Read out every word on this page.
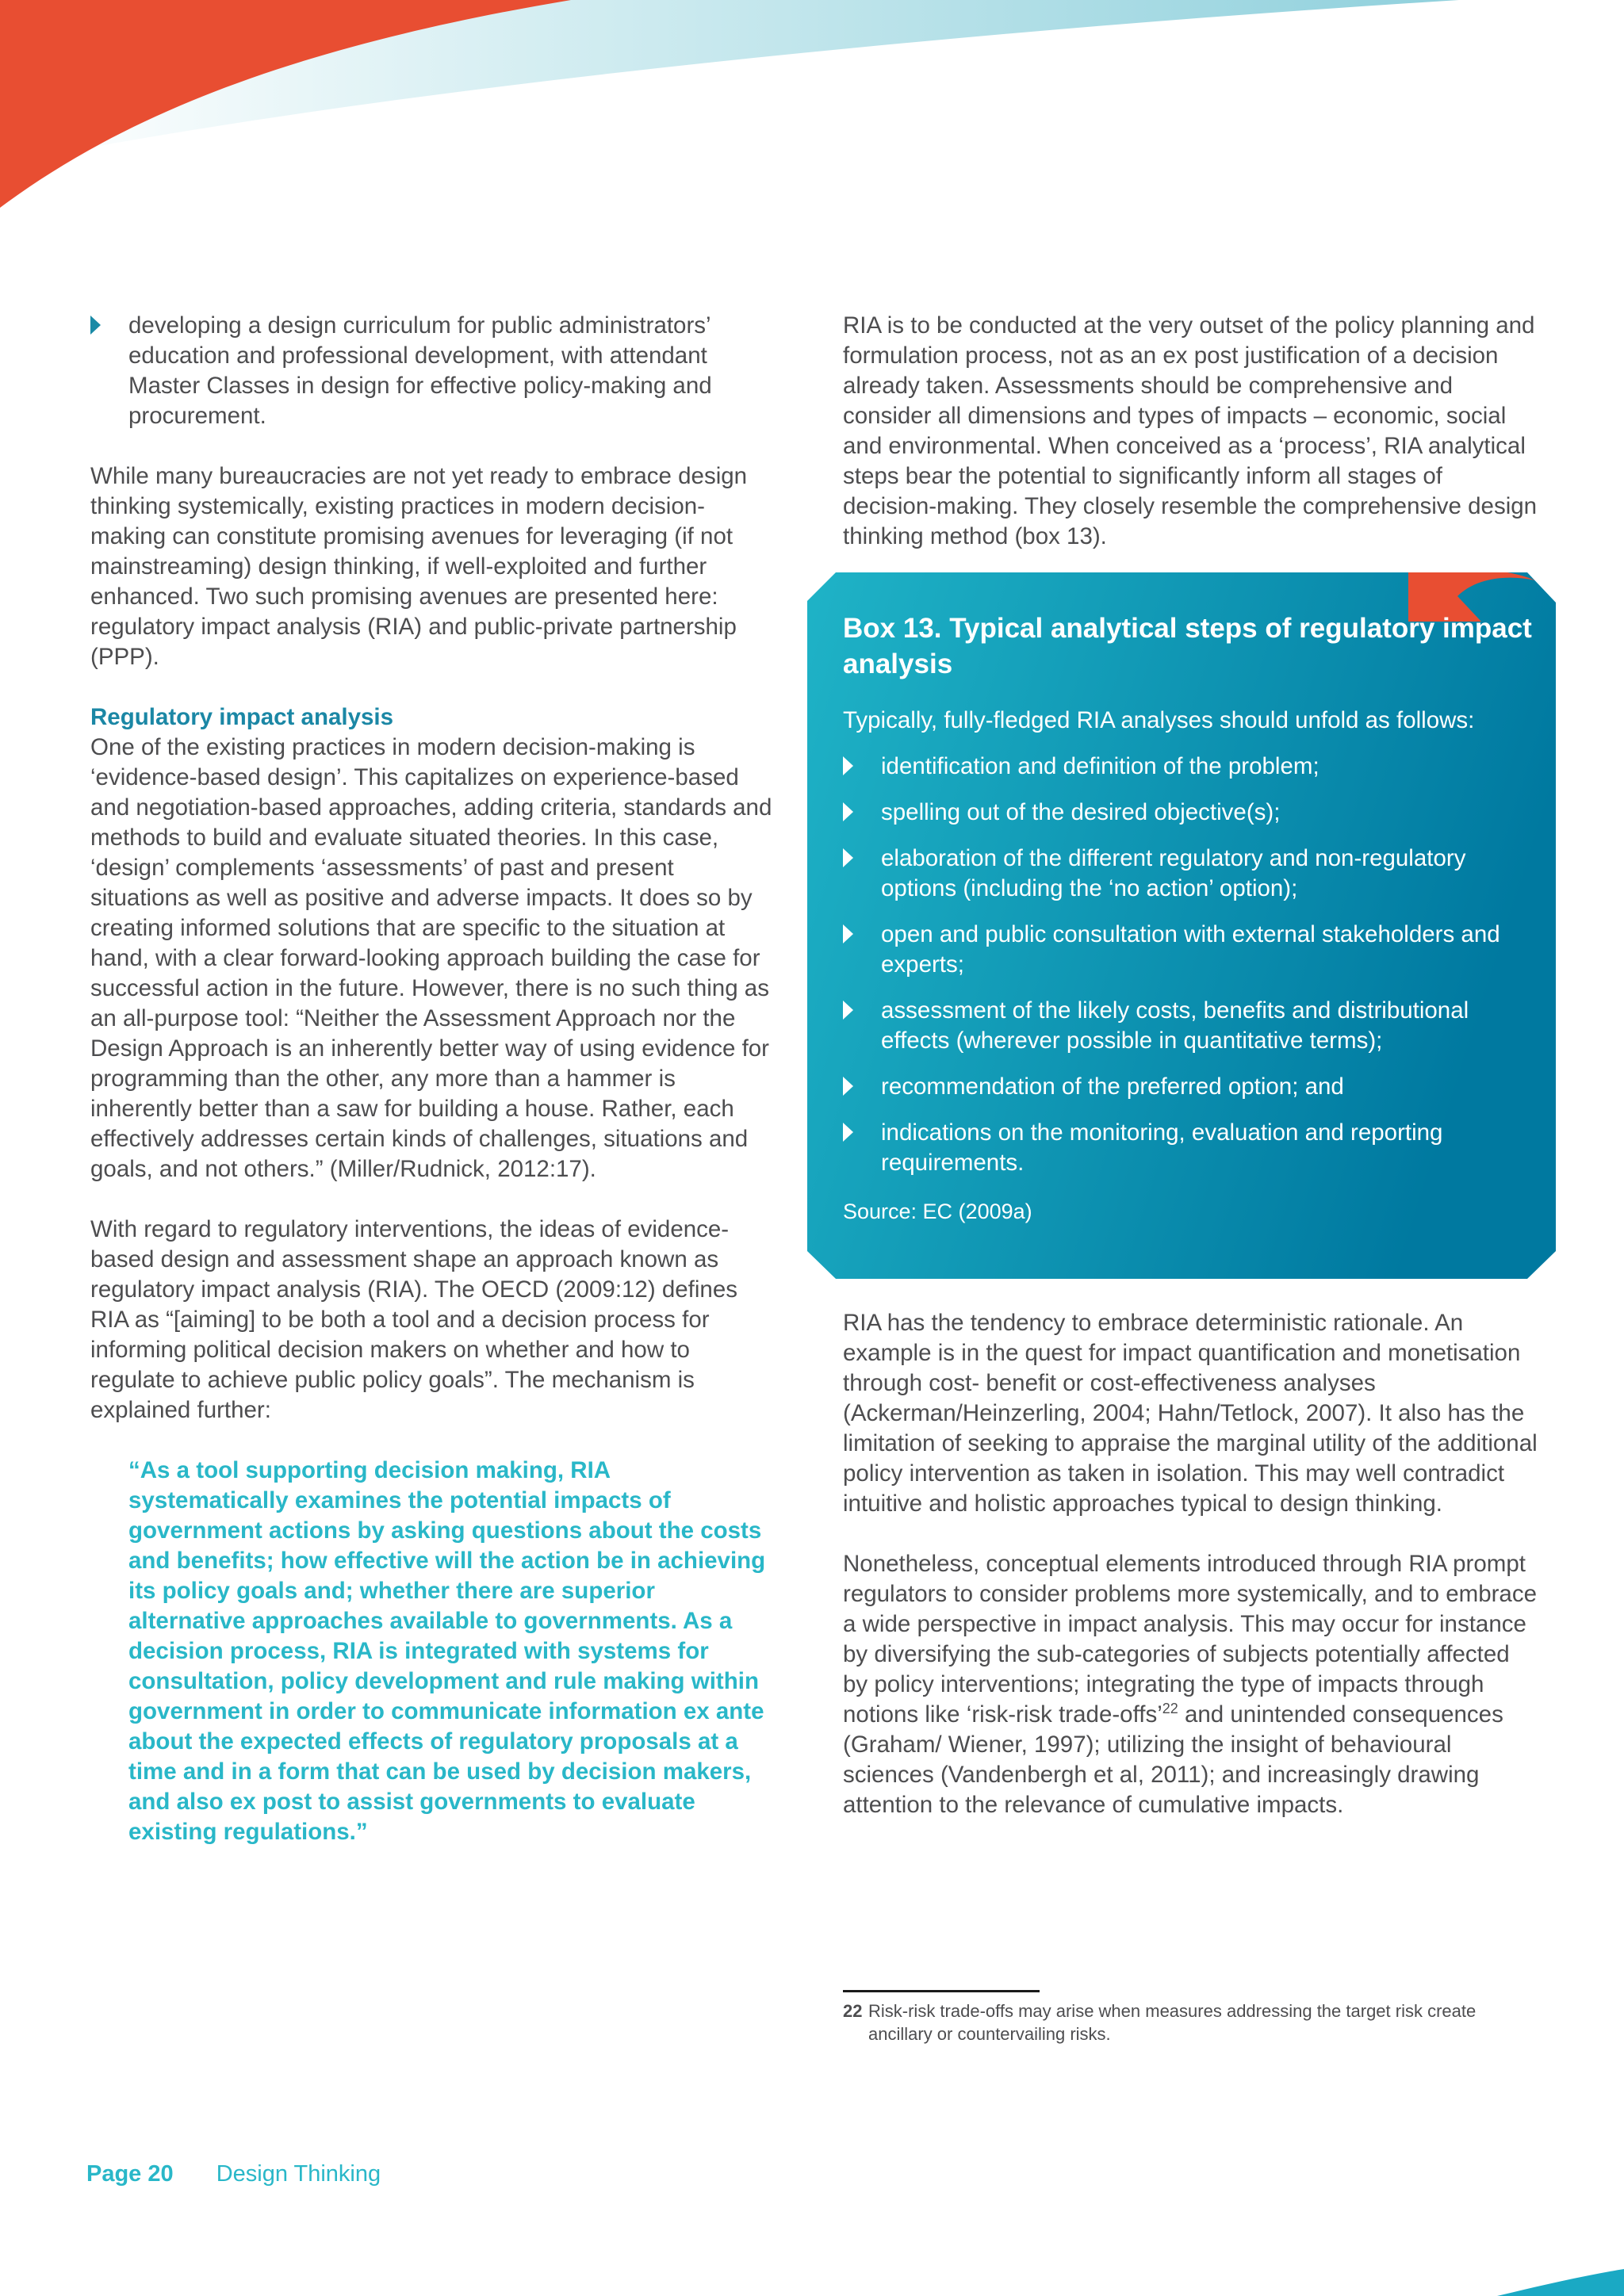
developing a design curriculum for public administrators’ education and professional development, with attendant Master Classes in design for effective policy-making and procurement.

While many bureaucracies are not yet ready to embrace design thinking systemically, existing practices in modern decision-making can constitute promising avenues for leveraging (if not mainstreaming) design thinking, if well-exploited and further enhanced. Two such promising avenues are presented here: regulatory impact analysis (RIA) and public-private partnership (PPP).

Regulatory impact analysis

One of the existing practices in modern decision-making is ‘evidence-based design’. This capitalizes on experience-based and negotiation-based approaches, adding criteria, standards and methods to build and evaluate situated theories. In this case, ‘design’ complements ‘assessments’ of past and present situations as well as positive and adverse impacts. It does so by creating informed solutions that are specific to the situation at hand, with a clear forward-looking approach building the case for successful action in the future. However, there is no such thing as an all-purpose tool: “Neither the Assessment Approach nor the Design Approach is an inherently better way of using evidence for programming than the other, any more than a hammer is inherently better than a saw for building a house. Rather, each effectively addresses certain kinds of challenges, situations and goals, and not others.” (Miller/Rudnick, 2012:17).

With regard to regulatory interventions, the ideas of evidence-based design and assessment shape an approach known as regulatory impact analysis (RIA). The OECD (2009:12) defines RIA as “[aiming] to be both a tool and a decision process for informing political decision makers on whether and how to regulate to achieve public policy goals”. The mechanism is explained further:

“As a tool supporting decision making, RIA systematically examines the potential impacts of government actions by asking questions about the costs and benefits; how effective will the action be in achieving its policy goals and; whether there are superior alternative approaches available to governments. As a decision process, RIA is integrated with systems for consultation, policy development and rule making within government in order to communicate information ex ante about the expected effects of regulatory proposals at a time and in a form that can be used by decision makers, and also ex post to assist governments to evaluate existing regulations.”

RIA is to be conducted at the very outset of the policy planning and formulation process, not as an ex post justification of a decision already taken. Assessments should be comprehensive and consider all dimensions and types of impacts – economic, social and environmental. When conceived as a ‘process’, RIA analytical steps bear the potential to significantly inform all stages of decision-making. They closely resemble the comprehensive design thinking method (box 13).

Box 13. Typical analytical steps of regulatory impact analysis

Typically, fully-fledged RIA analyses should unfold as follows:

identification and definition of the problem;
spelling out of the desired objective(s);
elaboration of the different regulatory and non-regulatory options (including the ‘no action’ option);
open and public consultation with external stakeholders and experts;
assessment of the likely costs, benefits and distributional effects (wherever possible in quantitative terms);
recommendation of the preferred option; and
indications on the monitoring, evaluation and reporting requirements.

Source: EC (2009a)

RIA has the tendency to embrace deterministic rationale. An example is in the quest for impact quantification and monetisation through cost- benefit or cost-effectiveness analyses (Ackerman/Heinzerling, 2004; Hahn/Tetlock, 2007). It also has the limitation of seeking to appraise the marginal utility of the additional policy intervention as taken in isolation. This may well contradict intuitive and holistic approaches typical to design thinking.

Nonetheless, conceptual elements introduced through RIA prompt regulators to consider problems more systemically, and to embrace a wide perspective in impact analysis. This may occur for instance by diversifying the sub-categories of subjects potentially affected by policy interventions; integrating the type of impacts through notions like ‘risk-risk trade-offs’$^{22}$ and unintended consequences (Graham/ Wiener, 1997); utilizing the insight of behavioural sciences (Vandenbergh et al, 2011); and increasingly drawing attention to the relevance of cumulative impacts.

22 Risk-risk trade-offs may arise when measures addressing the target risk create ancillary or countervailing risks.
Page 20 Design Thinking
